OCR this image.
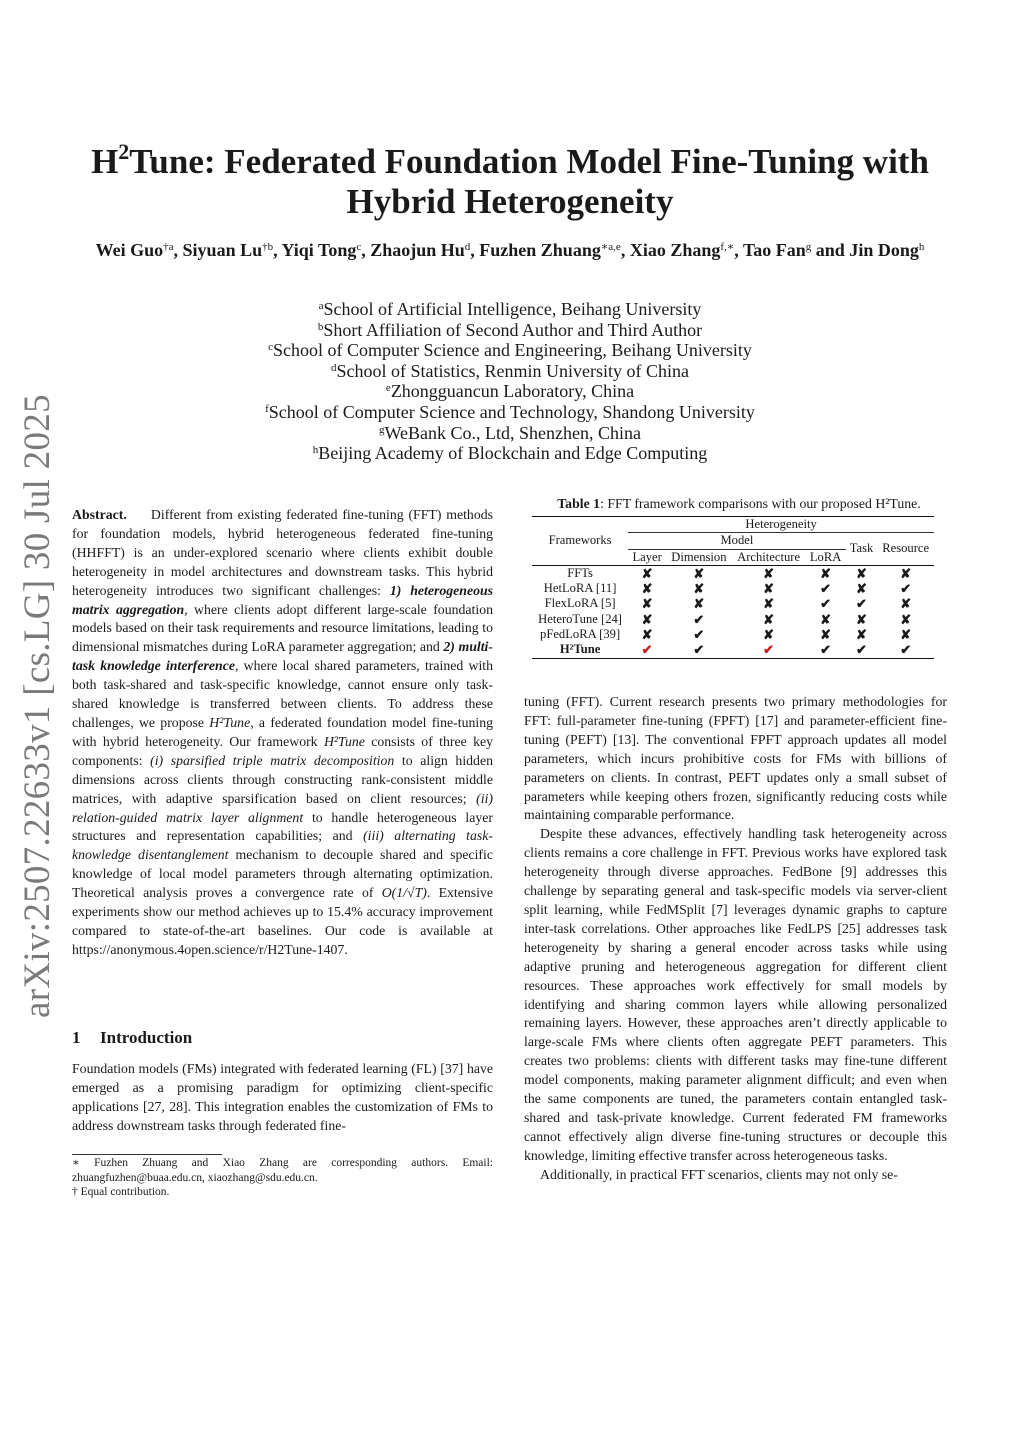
arXiv:2507.22633v1 [cs.LG] 30 Jul 2025
$H^2Tune$: Federated Foundation Model Fine-Tuning with
Hybrid Heterogeneity
Wei Guo$^{\dagger a}$, Siyuan Lu$^{\dagger b}$, Yiqi Tong$^c$, Zhaojun Hu$^d$, Fuzhen Zhuang$^{∗a,e}$, Xiao Zhang$^{f,∗}$, Tao Fan$^g$ and Jin Dong$^h$
$^a$School of Artificial Intelligence, Beihang University
$^b$Short Affiliation of Second Author and Third Author
$^c$School of Computer Science and Engineering, Beihang University
$^d$School of Statistics, Renmin University of China
$^e$Zhongguancun Laboratory, China
$^f$School of Computer Science and Technology, Shandong University
$^g$WeBank Co., Ltd, Shenzhen, China
$^h$Beijing Academy of Blockchain and Edge Computing

Abstract. Different from existing federated fine-tuning (FFT) methods for foundation models, hybrid heterogeneous federated fine-tuning (HHFFT) is an under-explored scenario where clients exhibit double heterogeneity in model architectures and downstream tasks. This hybrid heterogeneity introduces two significant challenges: 1) heterogeneous matrix aggregation, where clients adopt different large-scale foundation models based on their task requirements and resource limitations, leading to dimensional mismatches during LoRA parameter aggregation; and 2) multi-task knowledge interference, where local shared parameters, trained with both task-shared and task-specific knowledge, cannot ensure only task-shared knowledge is transferred between clients. To address these challenges, we propose H²Tune, a federated foundation model fine-tuning with hybrid heterogeneity. Our framework H²Tune consists of three key components: (i) sparsified triple matrix decomposition to align hidden dimensions across clients through constructing rank-consistent middle matrices, with adaptive sparsification based on client resources; (ii) relation-guided matrix layer alignment to handle heterogeneous layer structures and representation capabilities; and (iii) alternating task-knowledge disentanglement mechanism to decouple shared and specific knowledge of local model parameters through alternating optimization. Theoretical analysis proves a convergence rate of O(1/√T). Extensive experiments show our method achieves up to 15.4% accuracy improvement compared to state-of-the-art baselines. Our code is available at https://anonymous.4open.science/r/H2Tune-1407.

1 Introduction

Foundation models (FMs) integrated with federated learning (FL) [37] have emerged as a promising paradigm for optimizing client-specific applications [27, 28]. This integration enables the customization of FMs to address downstream tasks through federated fine-

∗ Fuzhen Zhuang and Xiao Zhang are corresponding authors. Email: zhuangfuzhen@buaa.edu.cn, xiaozhang@sdu.edu.cn.

† Equal contribution.

Table 1: FFT framework comparisons with our proposed H²Tune.
Frameworks	Heterogeneity					
	Model				Task	Resource
	Layer	Dimension	Architecture	LoRA		

FFTs	✘	✘	✘	✘	✘	✘
HetLoRA [11]	✘	✘	✘	✔	✘	✔
FlexLoRA [5]	✘	✘	✘	✔	✔	✘
HeteroTune [24]	✘	✔	✘	✘	✘	✘
pFedLoRA [39]	✘	✔	✘	✘	✘	✘
H²Tune	✔	✔	✔	✔	✔	✔

tuning (FFT). Current research presents two primary methodologies for FFT: full-parameter fine-tuning (FPFT) [17] and parameter-efficient fine-tuning (PEFT) [13]. The conventional FPFT approach updates all model parameters, which incurs prohibitive costs for FMs with billions of parameters on clients. In contrast, PEFT updates only a small subset of parameters while keeping others frozen, significantly reducing costs while maintaining comparable performance.

Despite these advances, effectively handling task heterogeneity across clients remains a core challenge in FFT. Previous works have explored task heterogeneity through diverse approaches. FedBone [9] addresses this challenge by separating general and task-specific models via server-client split learning, while FedMSplit [7] leverages dynamic graphs to capture inter-task correlations. Other approaches like FedLPS [25] addresses task heterogeneity by sharing a general encoder across tasks while using adaptive pruning and heterogeneous aggregation for different client resources. These approaches work effectively for small models by identifying and sharing common layers while allowing personalized remaining layers. However, these approaches aren’t directly applicable to large-scale FMs where clients often aggregate PEFT parameters. This creates two problems: clients with different tasks may fine-tune different model components, making parameter alignment difficult; and even when the same components are tuned, the parameters contain entangled task-shared and task-private knowledge. Current federated FM frameworks cannot effectively align diverse fine-tuning structures or decouple this knowledge, limiting effective transfer across heterogeneous tasks.

Additionally, in practical FFT scenarios, clients may not only se-
